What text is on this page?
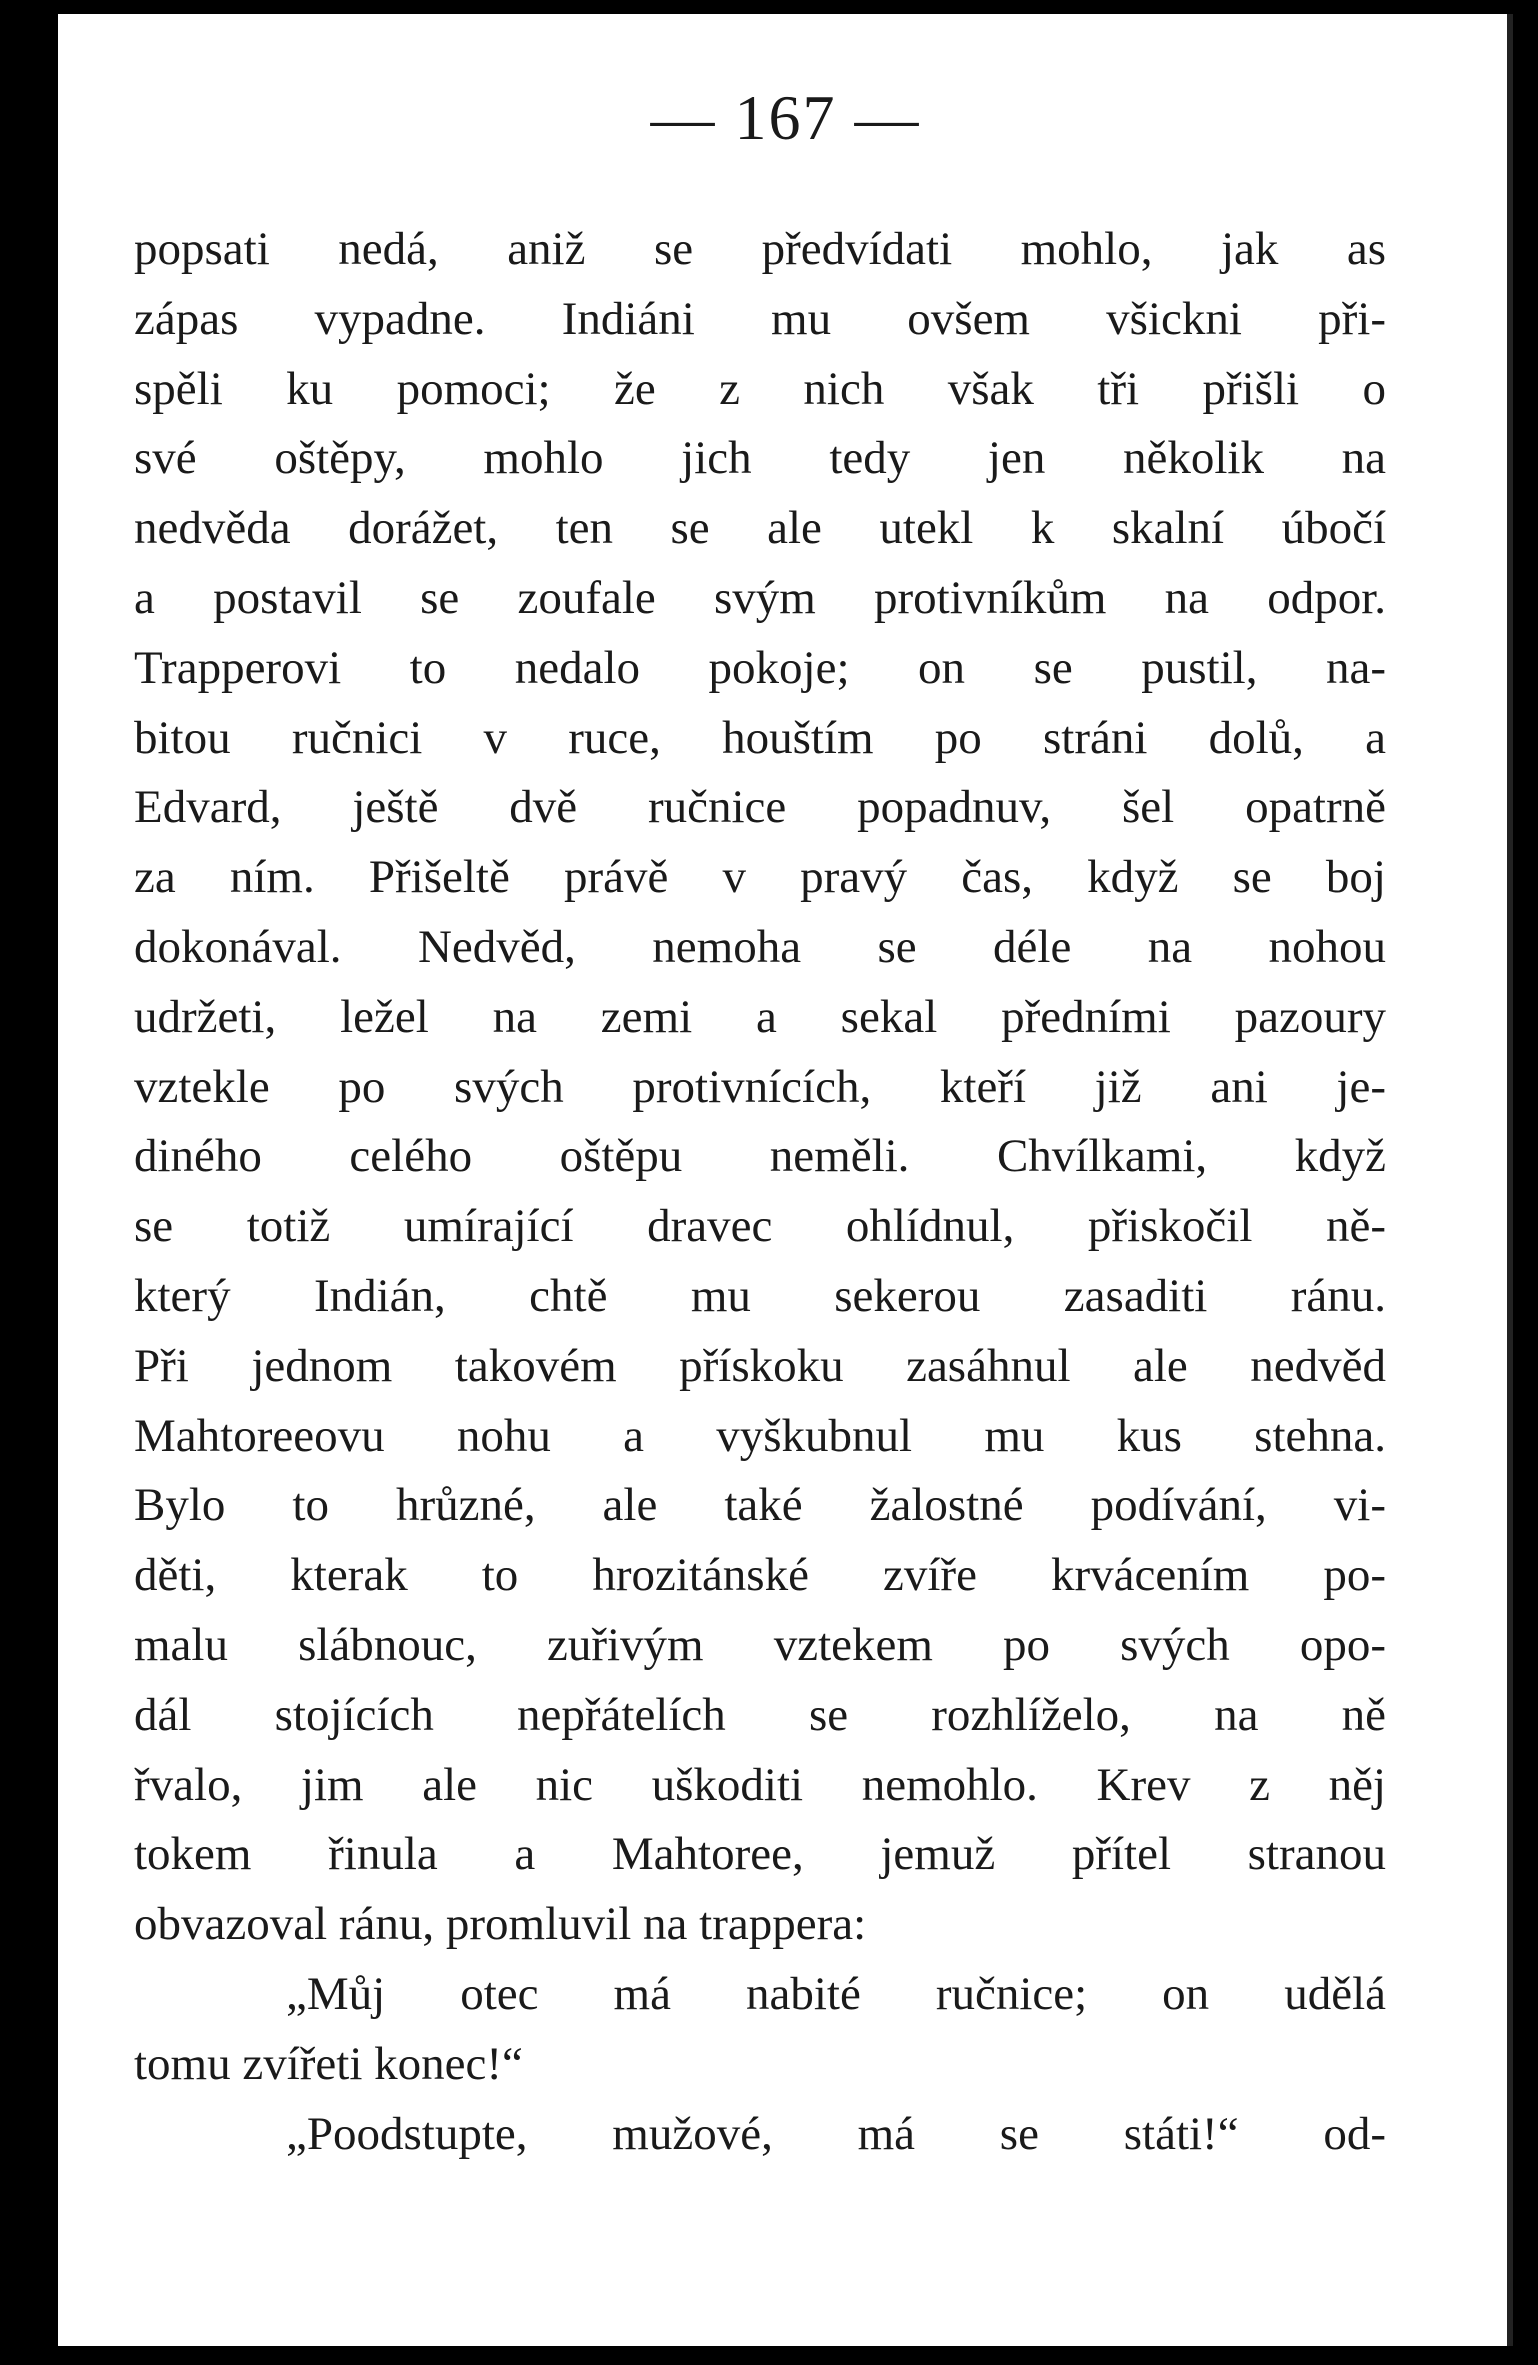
— 167 —
popsati nedá, aniž se předvídati mohlo, jak as
zápas vypadne. Indiáni mu ovšem všickni při-
spěli ku pomoci; že z nich však tři přišli o
své oštěpy, mohlo jich tedy jen několik na
nedvěda dorážet, ten se ale utekl k skalní úbočí
a postavil se zoufale svým protivníkům na odpor.
Trapperovi to nedalo pokoje; on se pustil, na-
bitou ručnici v ruce, houštím po stráni dolů, a
Edvard, ještě dvě ručnice popadnuv, šel opatrně
za ním. Přišeltě právě v pravý čas, když se boj
dokonával. Nedvěd, nemoha se déle na nohou
udržeti, ležel na zemi a sekal předními pazoury
vztekle po svých protivnících, kteří již ani je-
diného celého oštěpu neměli. Chvílkami, když
se totiž umírající dravec ohlídnul, přiskočil ně-
který Indián, chtě mu sekerou zasaditi ránu.
Při jednom takovém přískoku zasáhnul ale nedvěd
Mahtoreeovu nohu a vyškubnul mu kus stehna.
Bylo to hrůzné, ale také žalostné podívání, vi-
děti, kterak to hrozitánské zvíře krvácením po-
malu slábnouc, zuřivým vztekem po svých opo-
dál stojících nepřátelích se rozhlíželo, na ně
řvalo, jim ale nic uškoditi nemohlo. Krev z něj
tokem řinula a Mahtoree, jemuž přítel stranou
obvazoval ránu, promluvil na trappera:
„Můj otec má nabité ručnice; on udělá
tomu zvířeti konec!“
„Poodstupte, mužové, má se státi!“ od-
